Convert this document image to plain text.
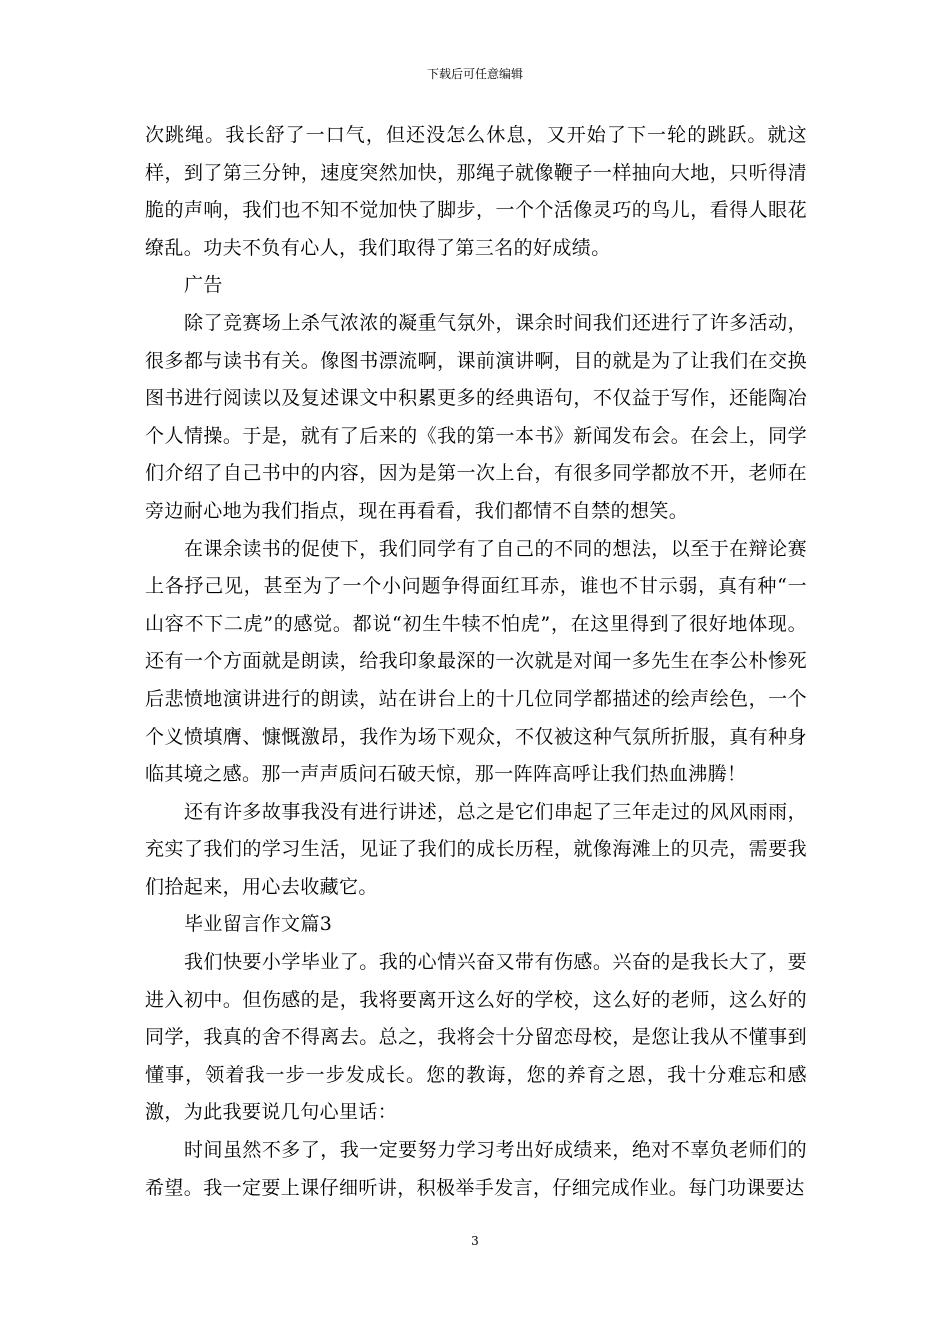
下载后可任意编辑

次跳绳。我长舒了一口气，但还没怎么休息，又开始了下一轮的跳跃。就这样，到了第三分钟，速度突然加快，那绳子就像鞭子一样抽向大地，只听得清脆的声响，我们也不知不觉加快了脚步，一个个活像灵巧的鸟儿，看得人眼花缭乱。功夫不负有心人，我们取得了第三名的好成绩。

广告

除了竞赛场上杀气浓浓的凝重气氛外，课余时间我们还进行了许多活动，很多都与读书有关。像图书漂流啊，课前演讲啊，目的就是为了让我们在交换图书进行阅读以及复述课文中积累更多的经典语句，不仅益于写作，还能陶冶个人情操。于是，就有了后来的《我的第一本书》新闻发布会。在会上，同学们介绍了自己书中的内容，因为是第一次上台，有很多同学都放不开，老师在旁边耐心地为我们指点，现在再看看，我们都情不自禁的想笑。

在课余读书的促使下，我们同学有了自己的不同的想法，以至于在辩论赛上各抒己见，甚至为了一个小问题争得面红耳赤，谁也不甘示弱，真有种“一山容不下二虎”的感觉。都说“初生牛犊不怕虎”，在这里得到了很好地体现。还有一个方面就是朗读，给我印象最深的一次就是对闻一多先生在李公朴惨死后悲愤地演讲进行的朗读，站在讲台上的十几位同学都描述的绘声绘色，一个个义愤填膺、慷慨激昂，我作为场下观众，不仅被这种气氛所折服，真有种身临其境之感。那一声声质问石破天惊，那一阵阵高呼让我们热血沸腾！

还有许多故事我没有进行讲述，总之是它们串起了三年走过的风风雨雨，充实了我们的学习生活，见证了我们的成长历程，就像海滩上的贝壳，需要我们拾起来，用心去收藏它。

毕业留言作文篇3

我们快要小学毕业了。我的心情兴奋又带有伤感。兴奋的是我长大了，要进入初中。但伤感的是，我将要离开这么好的学校，这么好的老师，这么好的同学，我真的舍不得离去。总之，我将会十分留恋母校，是您让我从不懂事到懂事，领着我一步一步发成长。您的教诲，您的养育之恩，我十分难忘和感激，为此我要说几句心里话：

时间虽然不多了，我一定要努力学习考出好成绩来，绝对不辜负老师们的希望。我一定要上课仔细听讲，积极举手发言，仔细完成作业。每门功课要达

3
